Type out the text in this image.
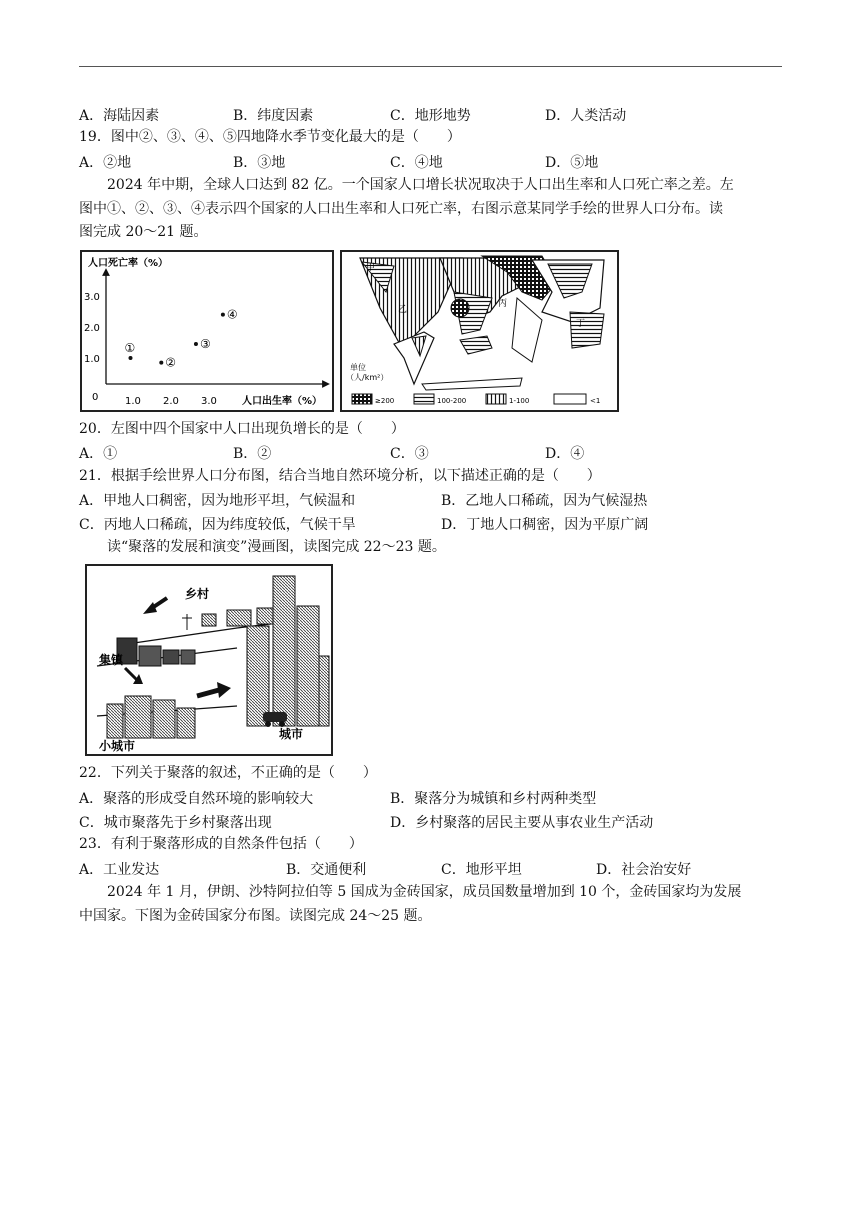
A．海陆因素	B．纬度因素	C．地形地势	D．人类活动
19．图中②、③、④、⑤四地降水季节变化最大的是（　　）
A．②地	B．③地	C．④地	D．⑤地
2024 年中期，全球人口达到 82 亿。一个国家人口增长状况取决于人口出生率和人口死亡率之差。左
图中①、②、③、④表示四个国家的人口出生率和人口死亡率，右图示意某同学手绘的世界人口分布。读
图完成 20～21 题。
人口死亡率（%）
人口出生率（%）
0	1.0 2.0 3.0
1.0
2.0
3.0
①
②
③
④
甲
乙
丙
丁
单位 （人/km²）
≥200	100-200	1-100	<1
20．左图中四个国家中人口出现负增长的是（　　）
A．①	B．②	C．③	D．④
21．根据手绘世界人口分布图，结合当地自然环境分析，以下描述正确的是（　　）
A．甲地人口稠密，因为地形平坦，气候温和	B．乙地人口稀疏，因为气候湿热
C．丙地人口稀疏，因为纬度较低，气候干旱	D．丁地人口稠密，因为平原广阔
读“聚落的发展和演变”漫画图，读图完成 22～23 题。
乡村
集镇
小城市
城市
22．下列关于聚落的叙述，不正确的是（　　）
A．聚落的形成受自然环境的影响较大	B．聚落分为城镇和乡村两种类型
C．城市聚落先于乡村聚落出现	D．乡村聚落的居民主要从事农业生产活动
23．有利于聚落形成的自然条件包括（　　）
A．工业发达	B．交通便利	C．地形平坦	D．社会治安好
2024 年 1 月，伊朗、沙特阿拉伯等 5 国成为金砖国家，成员国数量增加到 10 个，金砖国家均为发展
中国家。下图为金砖国家分布图。读图完成 24～25 题。
